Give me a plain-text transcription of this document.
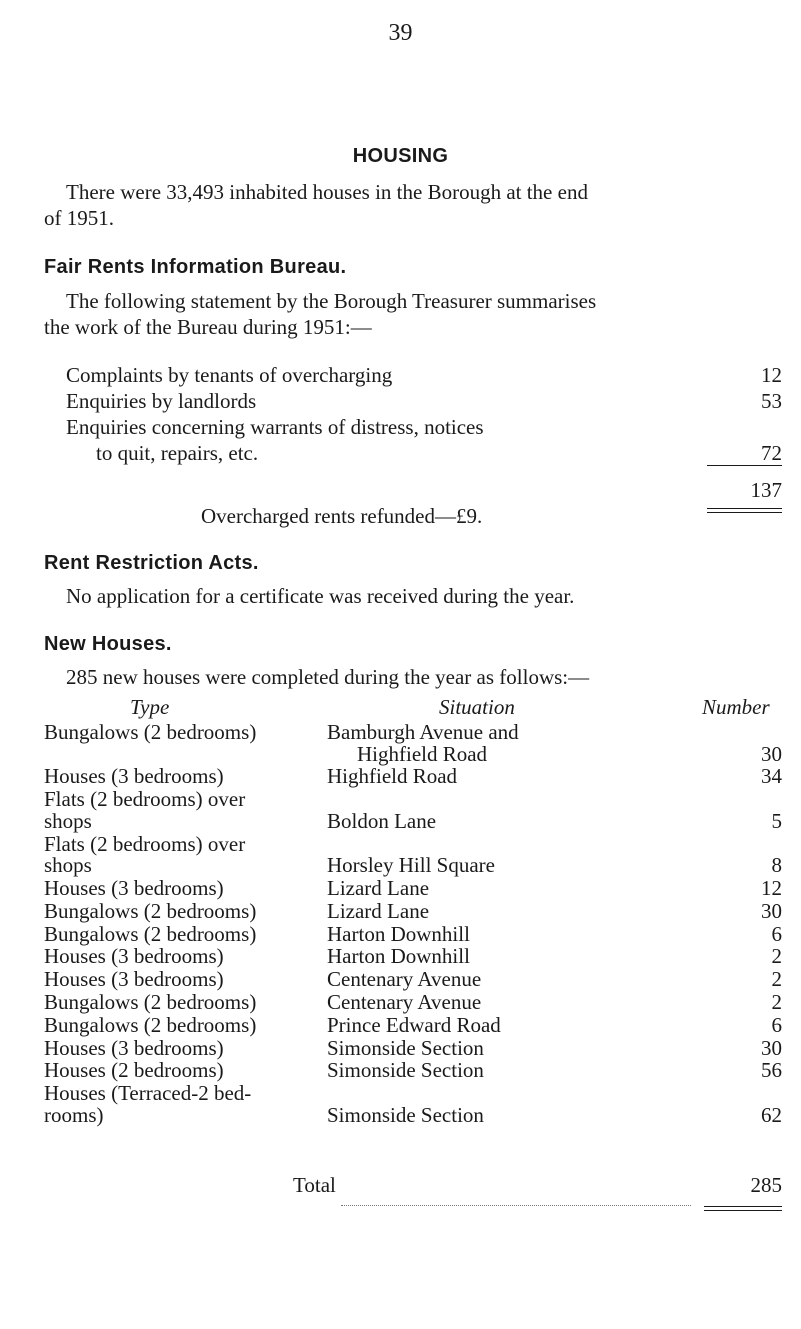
39
HOUSING
There were 33,493 inhabited houses in the Borough at the end
of 1951.
Fair Rents Information Bureau.
The following statement by the Borough Treasurer summarises
the work of the Bureau during 1951:—
Complaints by tenants of overcharging	12
Enquiries by landlords	53
Enquiries concerning warrants of distress, notices
to quit, repairs, etc.	72
137
Overcharged rents refunded—£9.
Rent Restriction Acts.
No application for a certificate was received during the year.
New Houses.
285 new houses were completed during the year as follows:—
Type	Situation	Number
Bungalows (2 bedrooms)	Bamburgh Avenue and
Highfield Road	30
Houses (3 bedrooms)	Highfield Road	34
Flats (2 bedrooms) over
shops	Boldon Lane	5
Flats (2 bedrooms) over
shops	Horsley Hill Square	8
Houses (3 bedrooms)	Lizard Lane	12
Bungalows (2 bedrooms)	Lizard Lane	30
Bungalows (2 bedrooms)	Harton Downhill	6
Houses (3 bedrooms)	Harton Downhill	2
Houses (3 bedrooms)	Centenary Avenue	2
Bungalows (2 bedrooms)	Centenary Avenue	2
Bungalows (2 bedrooms)	Prince Edward Road	6
Houses (3 bedrooms)	Simonside Section	30
Houses (2 bedrooms)	Simonside Section	56
Houses (Terraced-2 bed-
rooms)	Simonside Section	62
Total	285
